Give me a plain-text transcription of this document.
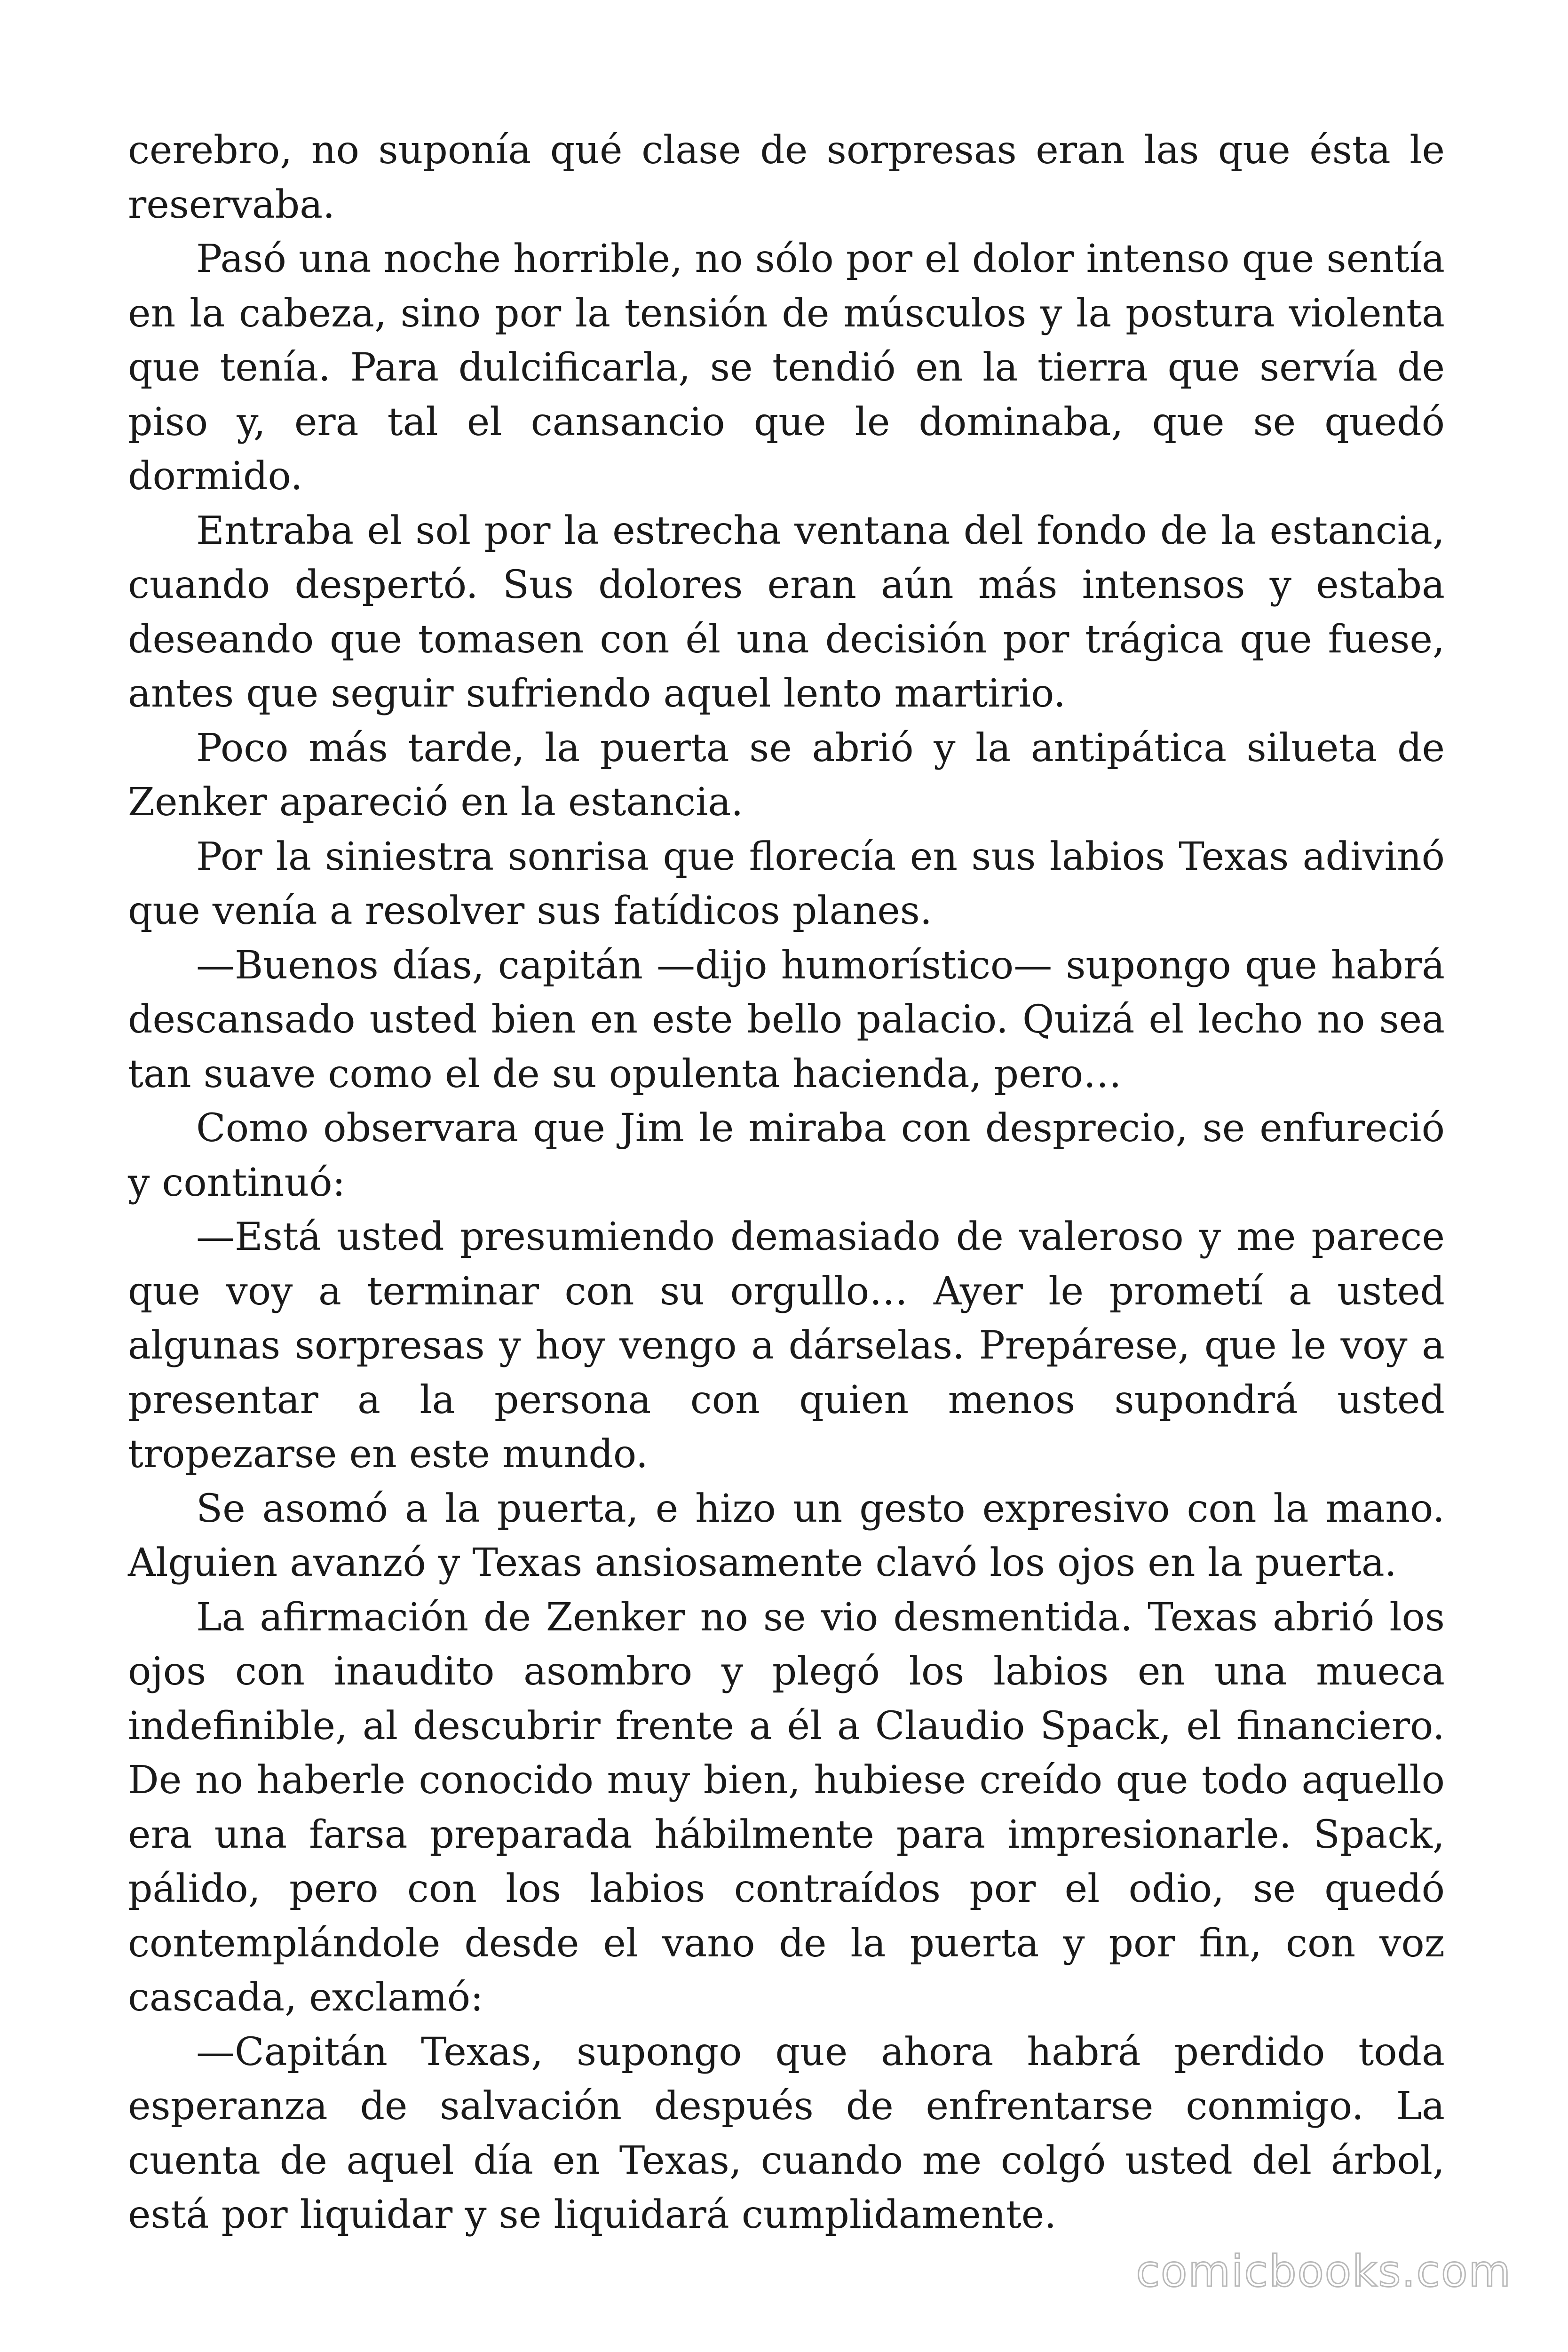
cerebro, no suponía qué clase de sorpresas eran las que ésta le reservaba.

Pasó una noche horrible, no sólo por el dolor intenso que sentía en la cabeza, sino por la tensión de músculos y la postura violenta que tenía. Para dulcificarla, se tendió en la tierra que servía de piso y, era tal el cansancio que le dominaba, que se quedó dormido.

Entraba el sol por la estrecha ventana del fondo de la estancia, cuando despertó. Sus dolores eran aún más intensos y estaba deseando que tomasen con él una decisión por trágica que fuese, antes que seguir sufriendo aquel lento martirio.

Poco más tarde, la puerta se abrió y la antipática silueta de Zenker apareció en la estancia.

Por la siniestra sonrisa que florecía en sus labios Texas adivinó que venía a resolver sus fatídicos planes.

—Buenos días, capitán —dijo humorístico— supongo que habrá descansado usted bien en este bello palacio. Quizá el lecho no sea tan suave como el de su opulenta hacienda, pero…

Como observara que Jim le miraba con desprecio, se enfureció y continuó:

—Está usted presumiendo demasiado de valeroso y me parece que voy a terminar con su orgullo… Ayer le prometí a usted algunas sorpresas y hoy vengo a dárselas. Prepárese, que le voy a presentar a la persona con quien menos supondrá usted tropezarse en este mundo.

Se asomó a la puerta, e hizo un gesto expresivo con la mano. Alguien avanzó y Texas ansiosamente clavó los ojos en la puerta.

La afirmación de Zenker no se vio desmentida. Texas abrió los ojos con inaudito asombro y plegó los labios en una mueca indefinible, al descubrir frente a él a Claudio Spack, el financiero. De no haberle conocido muy bien, hubiese creído que todo aquello era una farsa preparada hábilmente para impresionarle. Spack, pálido, pero con los labios contraídos por el odio, se quedó contemplándole desde el vano de la puerta y por fin, con voz cascada, exclamó:

—Capitán Texas, supongo que ahora habrá perdido toda esperanza de salvación después de enfrentarse conmigo. La cuenta de aquel día en Texas, cuando me colgó usted del árbol, está por liquidar y se liquidará cumplidamente.

comicbooks.com
